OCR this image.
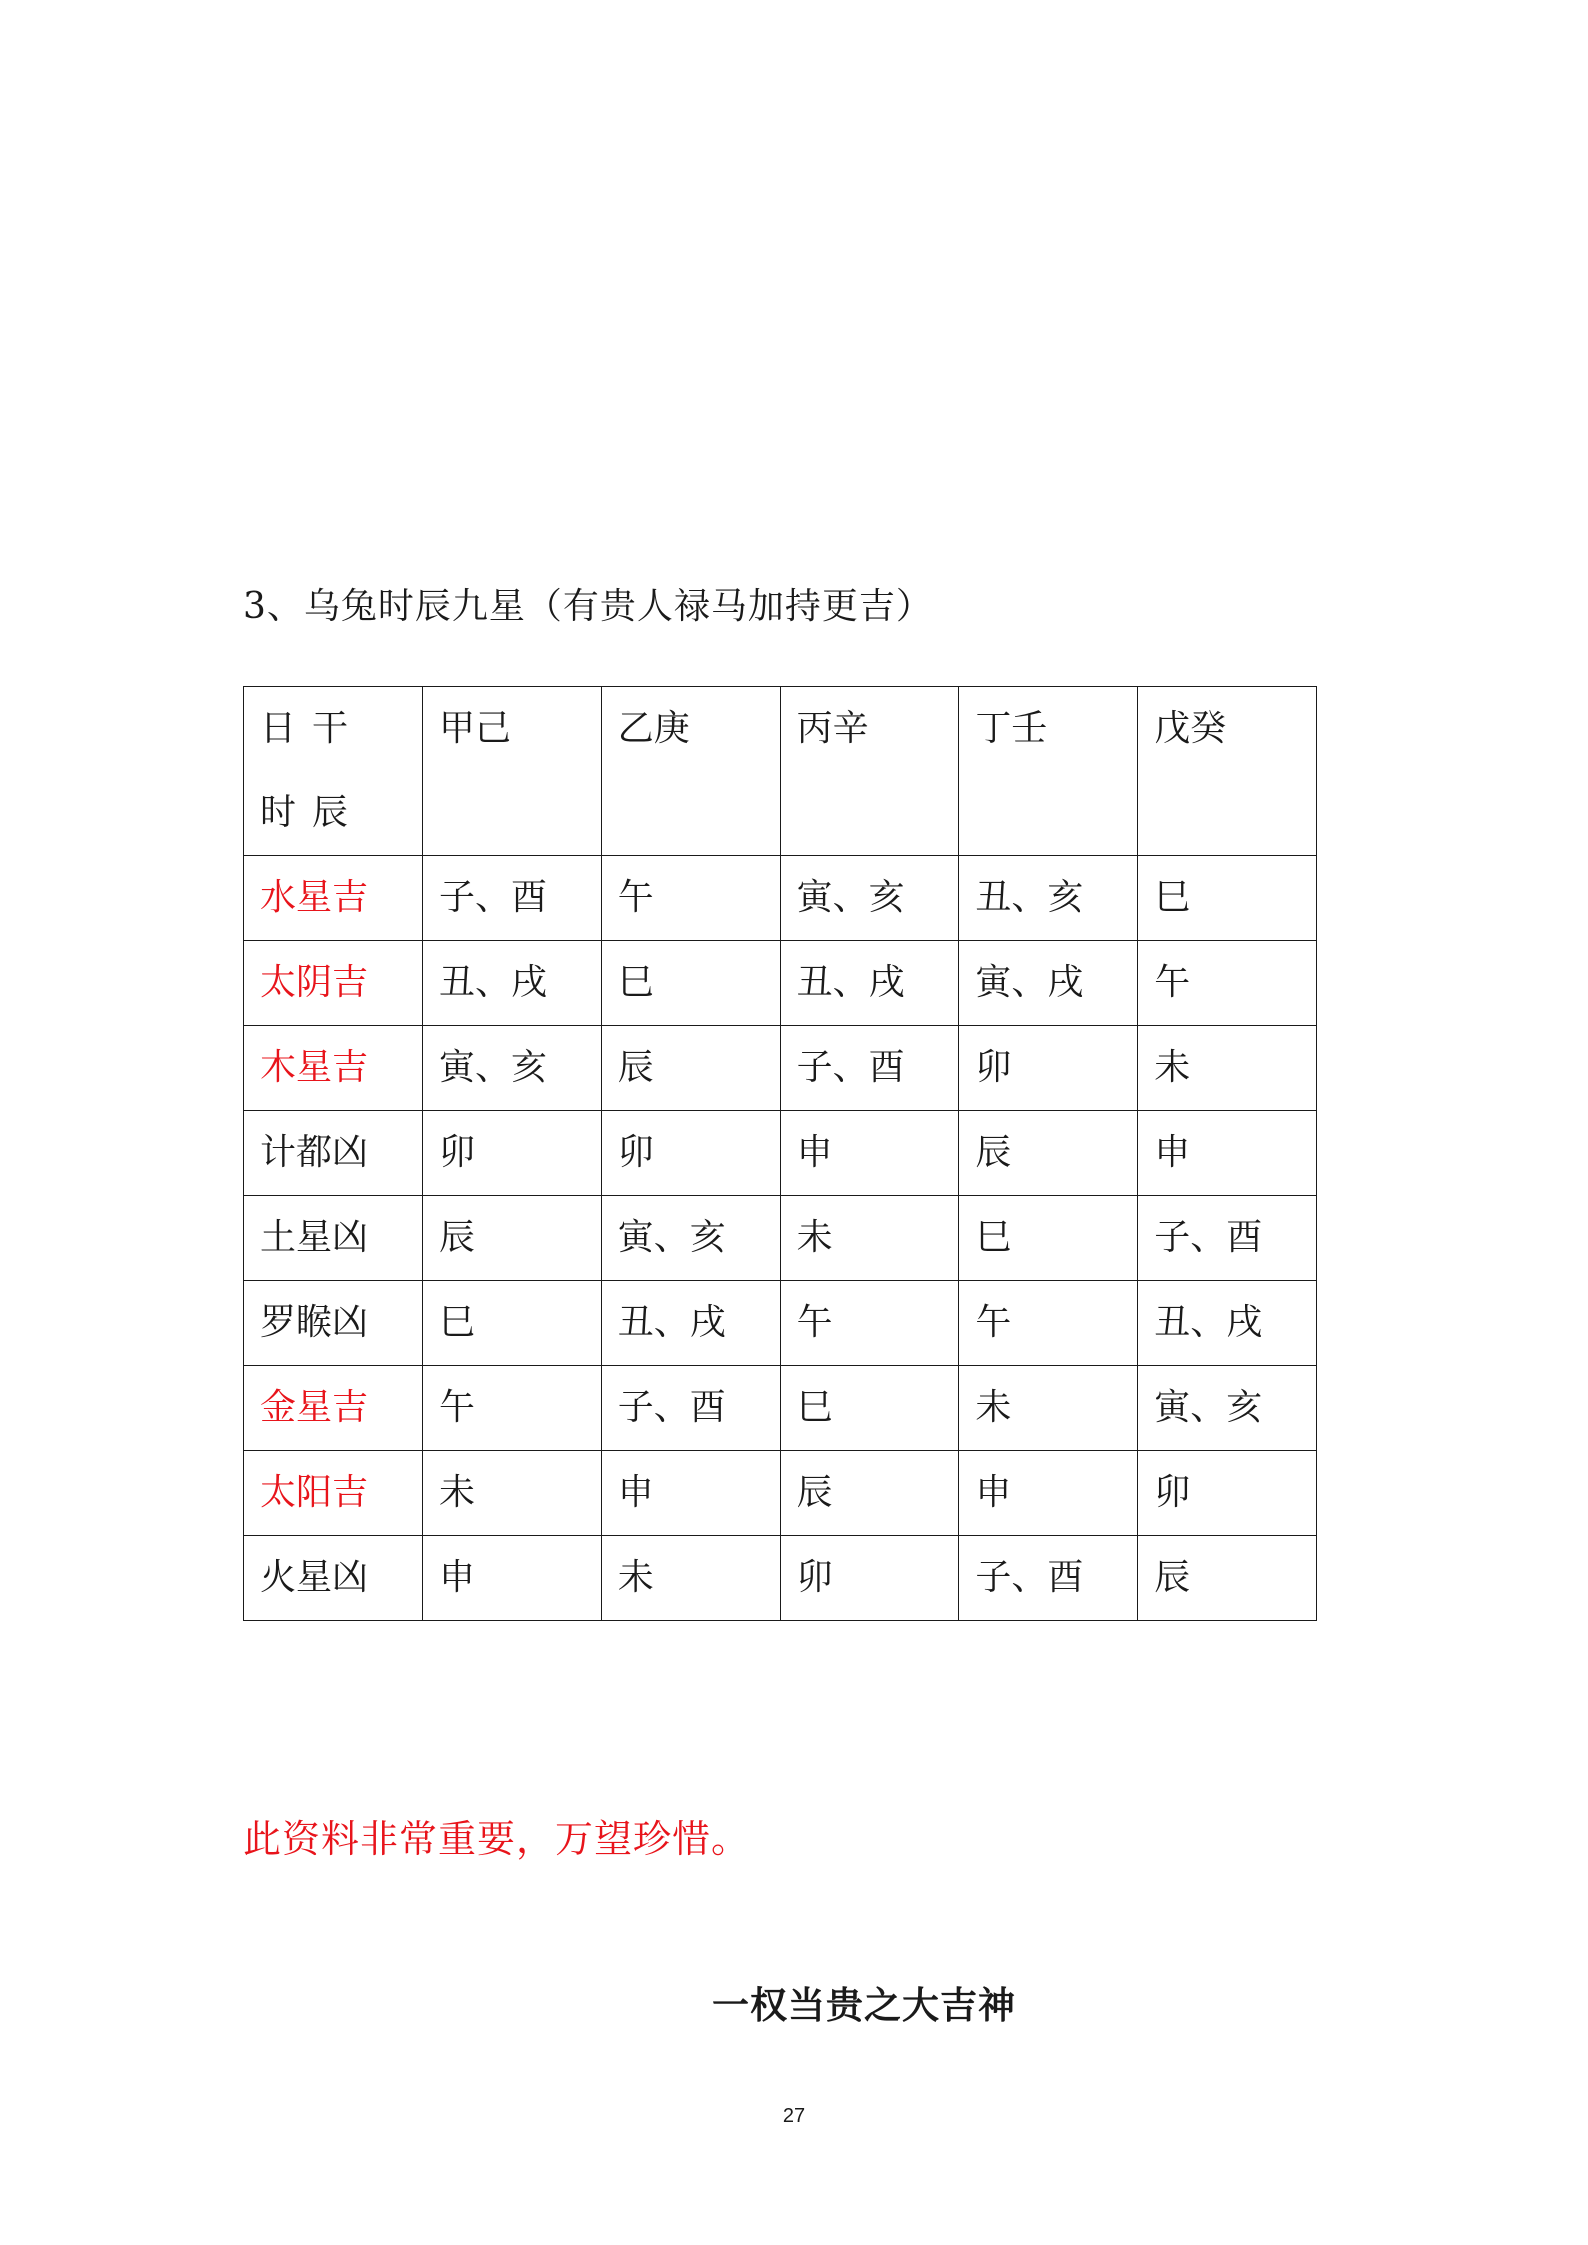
3、乌兔时辰九星（有贵人禄马加持更吉）
日干时辰	甲己	乙庚	丙辛	丁壬	戊癸
水星吉	子、酉	午	寅、亥	丑、亥	巳
太阴吉	丑、戌	巳	丑、戌	寅、戌	午
木星吉	寅、亥	辰	子、酉	卯	未
计都凶	卯	卯	申	辰	申
土星凶	辰	寅、亥	未	巳	子、酉
罗睺凶	巳	丑、戌	午	午	丑、戌
金星吉	午	子、酉	巳	未	寅、亥
太阳吉	未	申	辰	申	卯
火星凶	申	未	卯	子、酉	辰

此资料非常重要，万望珍惜。

一权当贵之大吉神

27
